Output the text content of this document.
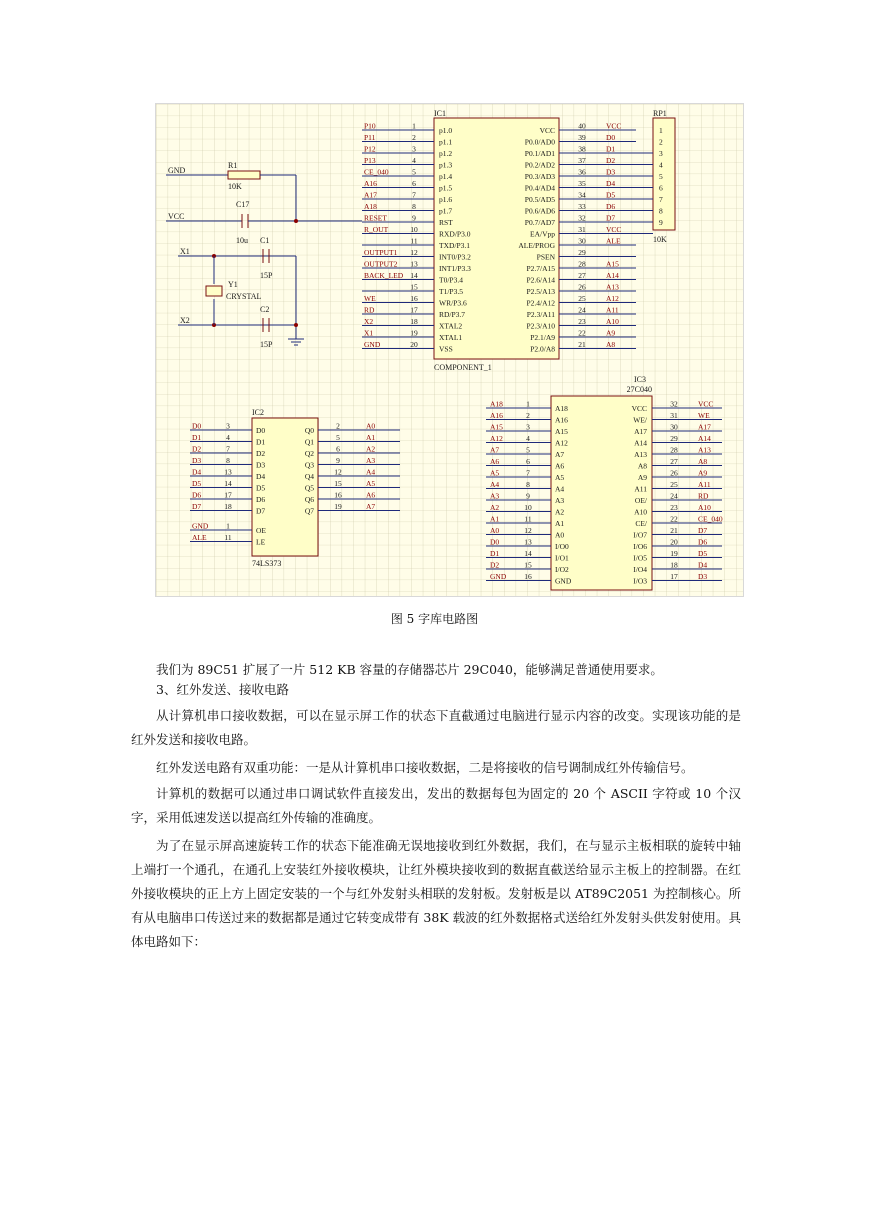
IC1
COMPONENT_1
1	p1.0
P10
2	p1.1
P11
3	p1.2
P12
4	p1.3
P13
5	p1.4
CE_040
6	p1.5
A16
7	p1.6
A17
8	p1.7
A18
9	RST
RESET
10	RXD/P3.0
R_OUT
11	TXD/P3.1
12	INT0/P3.2
OUTPUT1
13	INT1/P3.3
OUTPUT2
14	T0/P3.4
BACK_LED
15	T1/P3.5
16	WR/P3.6
WE
17	RD/P3.7
RD
18	XTAL2
X2
19	XTAL1
X1
20	VSS
GND
40
VCC	VCC
39
P0.0/AD0	D0
38
P0.1/AD1	D1
37
P0.2/AD2	D2
36
P0.3/AD3	D3
35
P0.4/AD4	D4
34
P0.5/AD5	D5
33
P0.6/AD6	D6
32
P0.7/AD7	D7
31
EA/Vpp	VCC
30
ALE/PROG	ALE
29
PSEN
28
P2.7/A15	A15
27
P2.6/A14	A14
26
P2.5/A13	A13
25
P2.4/A12	A12
24
P2.3/A11	A11
23
P2.3/A10	A10
22
P2.1/A9	A9
21
P2.0/A8	A8
RP1
10K
1
2
3
4
5
6
7
8
9
GND
R1
10K
VCC
C17
10u
X1
X2
Y1
CRYSTAL
C1
15P
C2
15P
IC2
74LS373
3	D0
D0
4	D1
D1
7	D2
D2
8	D3
D3
13	D4
D4
14	D5
D5
17	D6
D6
18	D7
D7
1	OE
GND
11	LE
ALE
2
Q0	A0
5
Q1	A1
6
Q2	A2
9
Q3	A3
12
Q4	A4
15
Q5	A5
16
Q6	A6
19
Q7	A7
IC3
27C040
1	A18
A18
2	A16
A16
3	A15
A15
4	A12
A12
5	A7
A7
6	A6
A6
7	A5
A5
8	A4
A4
9	A3
A3
10	A2
A2
11	A1
A1
12	A0
A0
13	I/O0
D0
14	I/O1
D1
15	I/O2
D2
16	GND
GND
32
VCC	VCC
31
WE/	WE
30
A17	A17
29
A14	A14
28
A13	A13
27
A8	A8
26
A9	A9
25
A11	A11
24
OE/	RD
23
A10	A10
22
CE/	CE_040
21
I/O7	D7
20
I/O6	D6
19
I/O5	D5
18
I/O4	D4
17
I/O3	D3
图 5 字库电路图

我们为 89C51 扩展了一片 512 KB 容量的存储器芯片 29C040，能够满足普通使用要求。

3、红外发送、接收电路

从计算机串口接收数据，可以在显示屏工作的状态下直截通过电脑进行显示内容的改变。实现该功能的是红外发送和接收电路。

红外发送电路有双重功能：一是从计算机串口接收数据，二是将接收的信号调制成红外传输信号。

计算机的数据可以通过串口调试软件直接发出，发出的数据每包为固定的 20 个 ASCII 字符或 10 个汉字，采用低速发送以提高红外传输的准确度。

为了在显示屏高速旋转工作的状态下能准确无误地接收到红外数据，我们，在与显示主板相联的旋转中轴上端打一个通孔，在通孔上安装红外接收模块，让红外模块接收到的数据直截送给显示主板上的控制器。在红外接收模块的正上方上固定安装的一个与红外发射头相联的发射板。发射板是以 AT89C2051 为控制核心。所有从电脑串口传送过来的数据都是通过它转变成带有 38K 载波的红外数据格式送给红外发射头供发射使用。具体电路如下：
